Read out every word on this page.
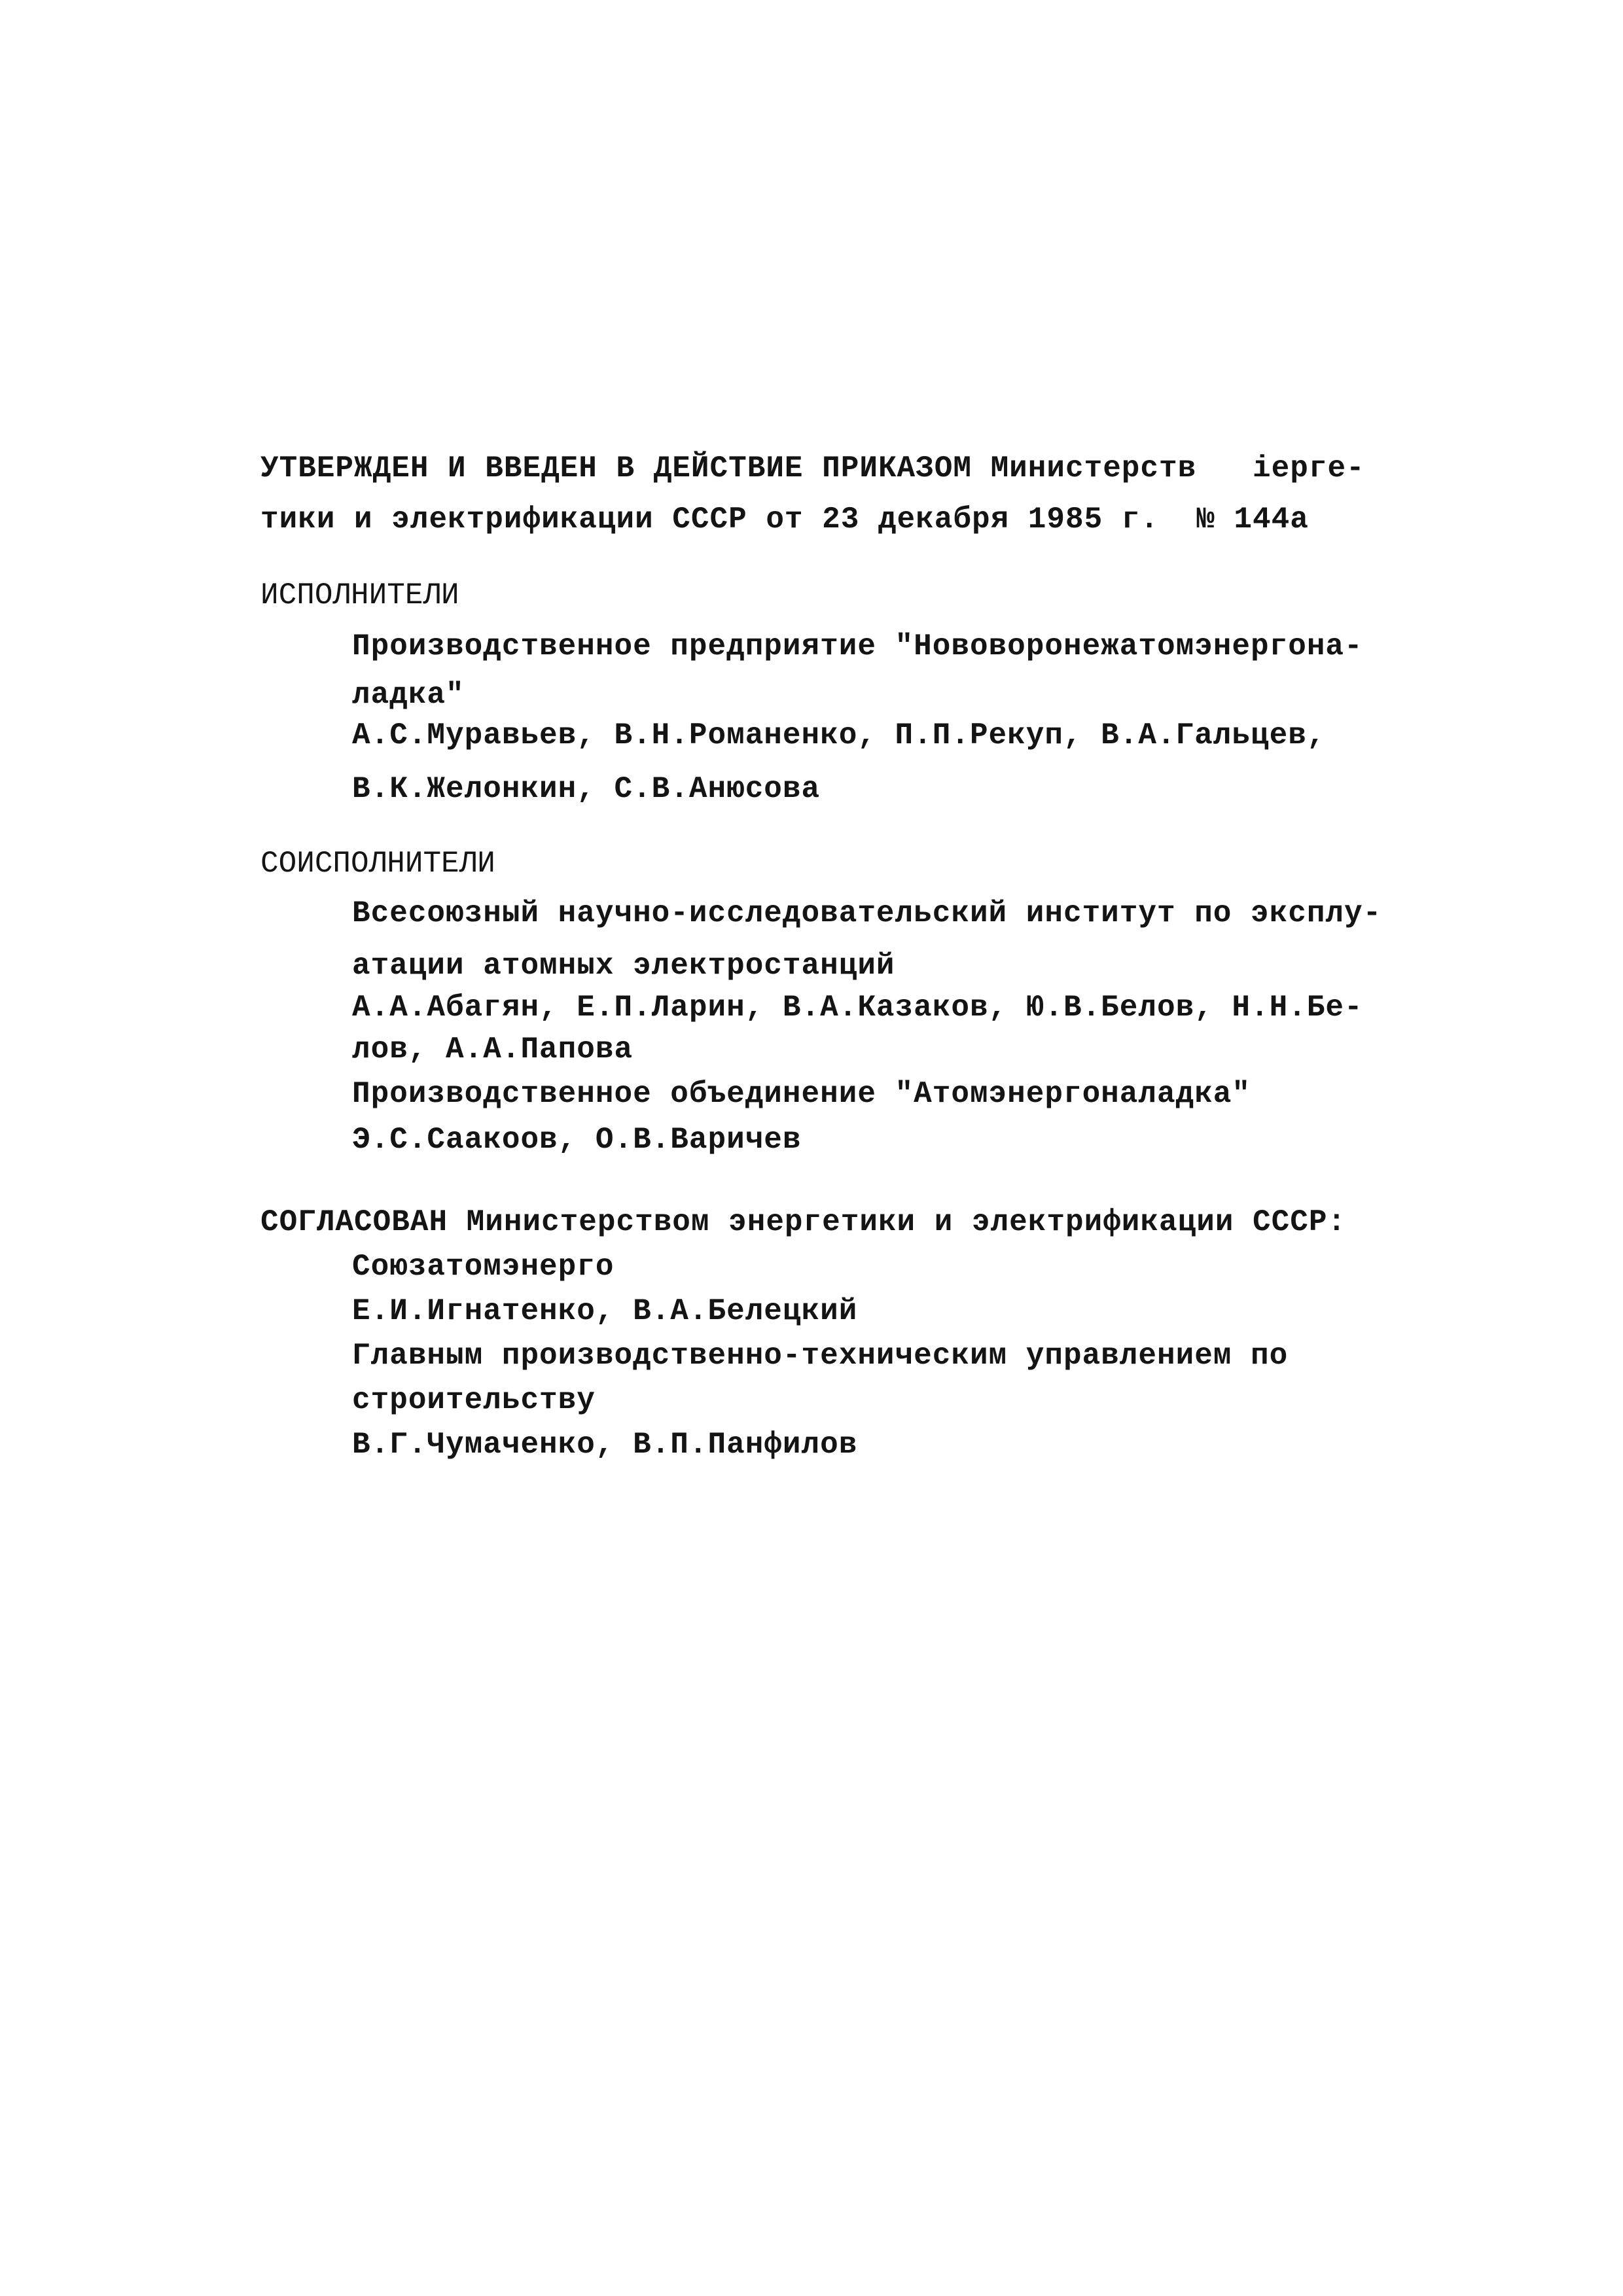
УТВЕРЖДЕН И ВВЕДЕН В ДЕЙСТВИЕ ПРИКАЗОМ Министерств   іерге-
тики и электрификации СССР от 23 декабря 1985 г.  № 144а
ИСПОЛНИТЕЛИ
Производственное предприятие "Нововоронежатомэнергона-
ладка"
А.С.Муравьев, В.Н.Романенко, П.П.Рекуп, В.А.Гальцев,
В.К.Желонкин, С.В.Анюсова
СОИСПОЛНИТЕЛИ
Всесоюзный научно-исследовательский институт по эксплу-
атации атомных электростанций
А.А.Абагян, Е.П.Ларин, В.А.Казаков, Ю.В.Белов, Н.Н.Бе-
лов, А.А.Папова
Производственное объединение "Атомэнергоналадка"
Э.С.Саакоов, О.В.Варичев
СОГЛАСОВАН Министерством энергетики и электрификации СССР:
Союзатомэнерго
Е.И.Игнатенко, В.А.Белецкий
Главным производственно-техническим управлением по
строительству
В.Г.Чумаченко, В.П.Панфилов
